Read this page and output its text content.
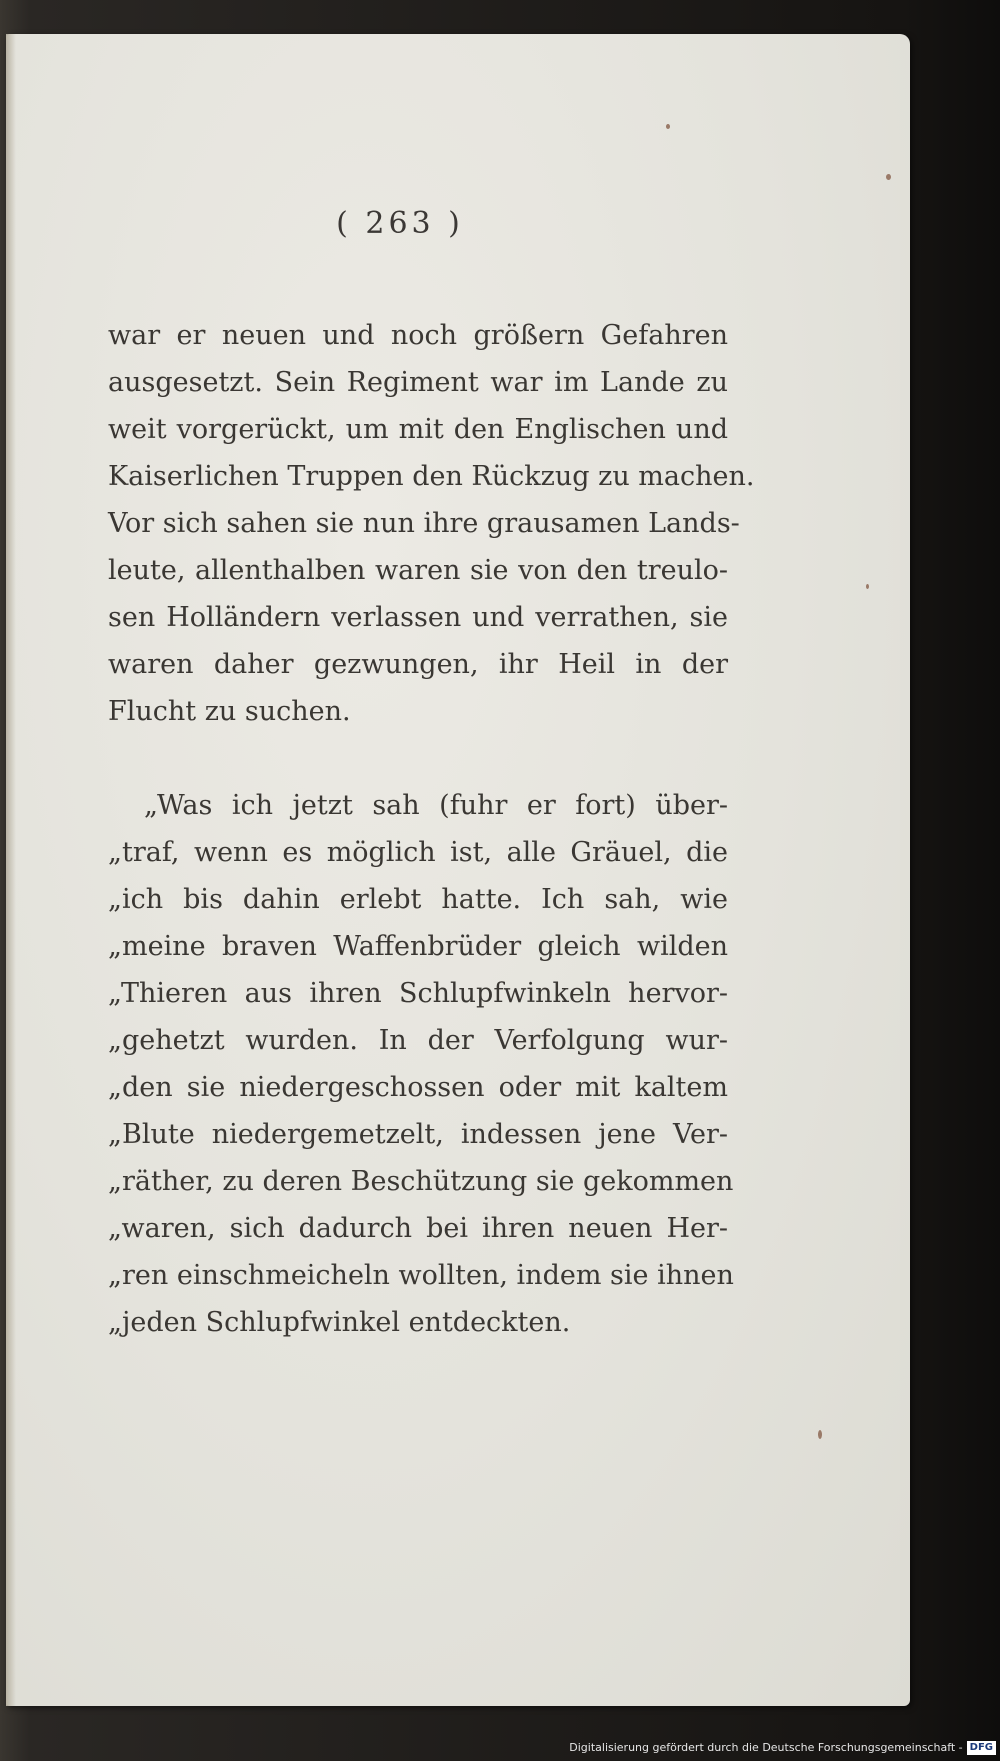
( 263 )
war er neuen und noch größern Gefahren
ausgesetzt. Sein Regiment war im Lande zu
weit vorgerückt, um mit den Englischen und
Kaiserlichen Truppen den Rückzug zu machen.
Vor sich sahen sie nun ihre grausamen Lands-
leute, allenthalben waren sie von den treulo-
sen Holländern verlassen und verrathen, sie
waren daher gezwungen, ihr Heil in der
Flucht zu suchen.
„Was ich jetzt sah (fuhr er fort) über-
„traf, wenn es möglich ist, alle Gräuel, die
„ich bis dahin erlebt hatte. Ich sah, wie
„meine braven Waffenbrüder gleich wilden
„Thieren aus ihren Schlupfwinkeln hervor-
„gehetzt wurden. In der Verfolgung wur-
„den sie niedergeschossen oder mit kaltem
„Blute niedergemetzelt, indessen jene Ver-
„räther, zu deren Beschützung sie gekommen
„waren, sich dadurch bei ihren neuen Her-
„ren einschmeicheln wollten, indem sie ihnen
„jeden Schlupfwinkel entdeckten.
Digitalisierung gefördert durch die Deutsche Forschungsgemeinschaft - DFG
